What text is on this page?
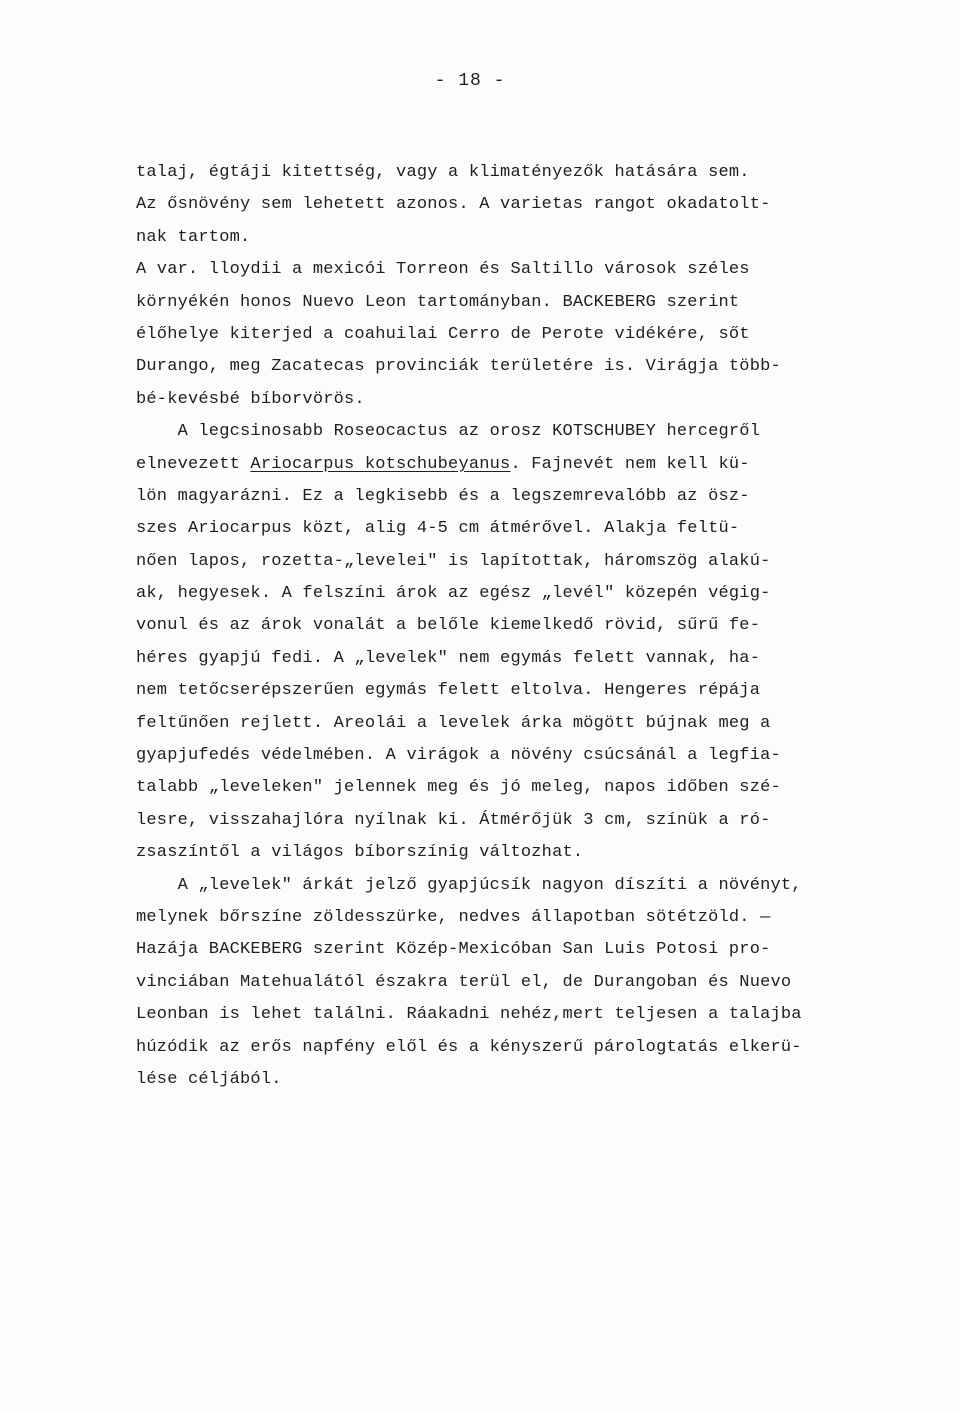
- 18 -
talaj, égtáji kitettség, vagy a klimatényezők hatására sem.
Az ősnövény sem lehetett azonos. A varietas rangot okadatolt-
nak tartom.
A var. lloydii a mexicói Torreon és Saltillo városok széles
környékén honos Nuevo Leon tartományban. BACKEBERG szerint
élőhelye kiterjed a coahuilai Cerro de Perote vidékére, sőt
Durango, meg Zacatecas provinciák területére is. Virágja több-
bé-kevésbé bíborvörös.
A legcsinosabb Roseocactus az orosz KOTSCHUBEY hercegről
elnevezett Ariocarpus kotschubeyanus. Fajnevét nem kell kü-
lön magyarázni. Ez a legkisebb és a legszemrevalóbb az ösz-
szes Ariocarpus közt, alig 4-5 cm átmérővel. Alakja feltü-
nően lapos, rozetta-„levelei" is lapítottak, háromszög alakú-
ak, hegyesek. A felszíni árok az egész „levél" közepén végig-
vonul és az árok vonalát a belőle kiemelkedő rövid, sűrű fe-
héres gyapjú fedi. A „levelek" nem egymás felett vannak, ha-
nem tetőcserépszerűen egymás felett eltolva. Hengeres répája
feltűnően rejlett. Areolái a levelek árka mögött bújnak meg a
gyapjufedés védelmében. A virágok a növény csúcsánál a legfia-
talabb „leveleken" jelennek meg és jó meleg, napos időben szé-
lesre, visszahajlóra nyílnak ki. Átmérőjük 3 cm, színük a ró-
zsaszíntől a világos bíborszínig változhat.
A „levelek" árkát jelző gyapjúcsík nagyon díszíti a növényt,
melynek bőrszíne zöldesszürke, nedves állapotban sötétzöld. —
Hazája BACKEBERG szerint Közép-Mexicóban San Luis Potosi pro-
vinciában Matehualától északra terül el, de Durangoban és Nuevo
Leonban is lehet találni. Ráakadni nehéz,mert teljesen a talajba
húzódik az erős napfény elől és a kényszerű párologtatás elkerü-
lése céljából.
